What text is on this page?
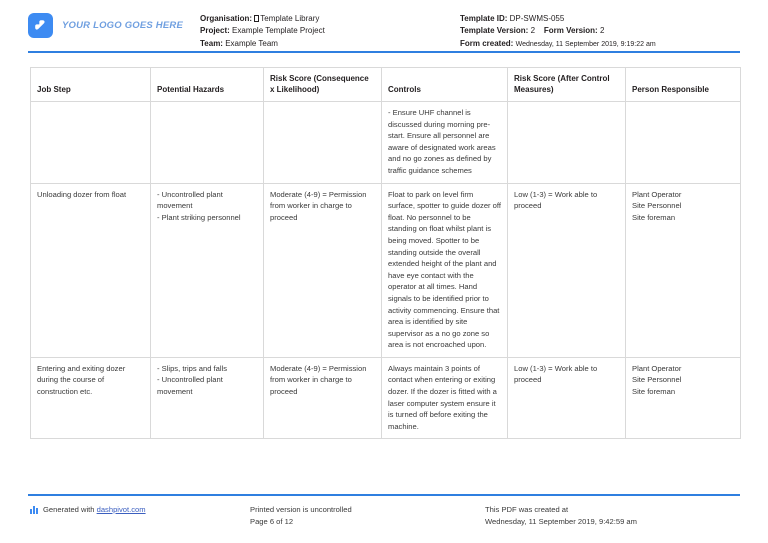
YOUR LOGO GOES HERE
Organisation: Template Library
Project: Example Template Project
Team: Example Team
Template ID: DP-SWMS-055
Template Version: 2 Form Version: 2
Form created: Wednesday, 11 September 2019, 9:19:22 am
Job Step	Potential Hazards	Risk Score (Consequence x Likelihood)	Controls	Risk Score (After Control Measures)	Person Responsible
			- Ensure UHF channel is discussed during morning pre-start. Ensure all personnel are aware of designated work areas and no go zones as defined by traffic guidance schemes		
Unloading dozer from float	- Uncontrolled plant movement
- Plant striking personnel
	Moderate (4-9) = Permission from worker in charge to proceed	Float to park on level firm surface, spotter to guide dozer off float. No personnel to be standing on float whilst plant is being moved. Spotter to be standing outside the overall extended height of the plant and have eye contact with the operator at all times. Hand signals to be identified prior to activity commencing. Ensure that area is identified by site supervisor as a no go zone so area is not encroached upon.	Low (1-3) = Work able to proceed	
Plant Operator
Site Personnel
Site foreman

Entering and exiting dozer during the course of construction etc.	- Slips, trips and falls
- Uncontrolled plant movement	Moderate (4-9) = Permission from worker in charge to proceed	Always maintain 3 points of contact when entering or exiting dozer. If the dozer is fitted with a laser computer system ensure it is turned off before exiting the machine.	Low (1-3) = Work able to proceed	Plant Operator
Site Personnel
Site foreman
Generated with dashpivot.com	Printed version is uncontrolled
Page 6 of 12
This PDF was created at
Wednesday, 11 September 2019, 9:42:59 am
